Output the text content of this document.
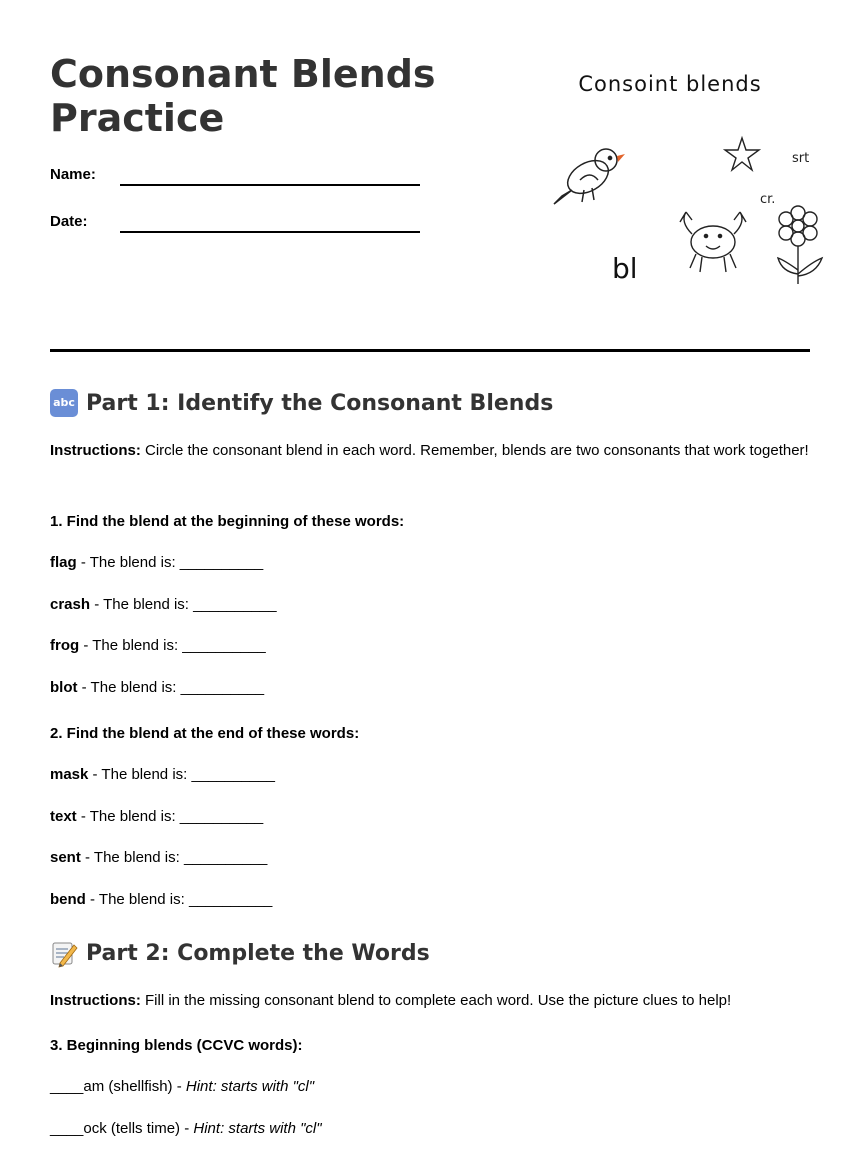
Consonant Blends Practice
Name:
Date:
Consoint blends
srt
cr.
bl
abc Part 1: Identify the Consonant Blends
Instructions: Circle the consonant blend in each word. Remember, blends are two consonants that work together!
1. Find the blend at the beginning of these words:
flag - The blend is: __________
crash - The blend is: __________
frog - The blend is: __________
blot - The blend is: __________
2. Find the blend at the end of these words:
mask - The blend is: __________
text - The blend is: __________
sent - The blend is: __________
bend - The blend is: __________
Part 2: Complete the Words
Instructions: Fill in the missing consonant blend to complete each word. Use the picture clues to help!
3. Beginning blends (CCVC words):
____am (shellfish) - Hint: starts with "cl"
____ock (tells time) - Hint: starts with "cl"
